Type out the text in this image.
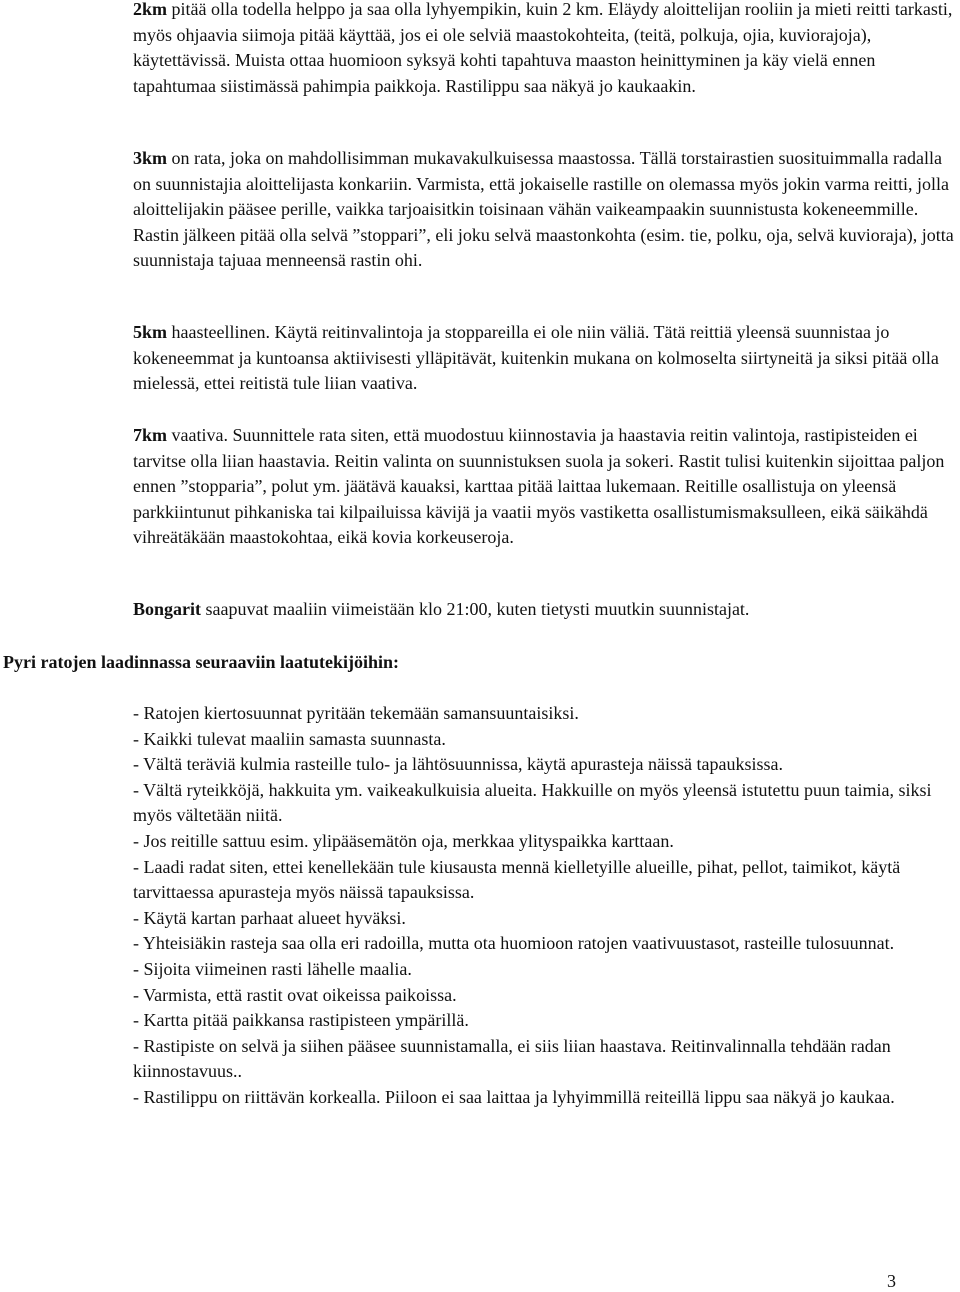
2km pitää olla todella helppo ja saa olla lyhyempikin, kuin 2 km. Eläydy aloittelijan rooliin ja mieti reitti tarkasti, myös ohjaavia siimoja pitää käyttää, jos ei ole selviä maastokohteita, (teitä, polkuja, ojia, kuviorajoja), käytettävissä. Muista ottaa huomioon syksyä kohti tapahtuva maaston heinittyminen ja käy vielä ennen tapahtumaa siistimässä pahimpia paikkoja. Rastilippu saa näkyä jo kaukaakin.

3km on rata, joka on mahdollisimman mukavakulkuisessa maastossa. Tällä torstairastien suosituimmalla radalla on suunnistajia aloittelijasta konkariin. Varmista, että jokaiselle rastille on olemassa myös jokin varma reitti, jolla aloittelijakin pääsee perille, vaikka tarjoaisitkin toisinaan vähän vaikeampaakin suunnistusta kokeneemmille. Rastin jälkeen pitää olla selvä ”stoppari”, eli joku selvä maastonkohta (esim. tie, polku, oja, selvä kuvioraja), jotta suunnistaja tajuaa menneensä rastin ohi.

5km haasteellinen. Käytä reitinvalintoja ja stoppareilla ei ole niin väliä. Tätä reittiä yleensä suunnistaa jo kokeneemmat ja kuntoansa aktiivisesti ylläpitävät, kuitenkin mukana on kolmoselta siirtyneitä ja siksi pitää olla mielessä, ettei reitistä tule liian vaativa.

7km vaativa. Suunnittele rata siten, että muodostuu kiinnostavia ja haastavia reitin valintoja, rastipisteiden ei tarvitse olla liian haastavia. Reitin valinta on suunnistuksen suola ja sokeri. Rastit tulisi kuitenkin sijoittaa paljon ennen ”stopparia”, polut ym. jäätävä kauaksi, karttaa pitää laittaa lukemaan. Reitille osallistuja on yleensä parkkiintunut pihkaniska tai kilpailuissa kävijä ja vaatii myös vastiketta osallistumismaksulleen, eikä säikähdä vihreätäkään maastokohtaa, eikä kovia korkeuseroja.

Bongarit saapuvat maaliin viimeistään klo 21:00, kuten tietysti muutkin suunnistajat.

Pyri ratojen laadinnassa seuraaviin laatutekijöihin:
- Ratojen kiertosuunnat pyritään tekemään samansuuntaisiksi.
- Kaikki tulevat maaliin samasta suunnasta.
- Vältä teräviä kulmia rasteille tulo- ja lähtösuunnissa, käytä apurasteja näissä tapauksissa.
- Vältä ryteikköjä, hakkuita ym. vaikeakulkuisia alueita. Hakkuille on myös yleensä istutettu puun taimia, siksi myös vältetään niitä.
- Jos reitille sattuu esim. ylipääsemätön oja, merkkaa ylityspaikka karttaan.
- Laadi radat siten, ettei kenellekään tule kiusausta mennä kielletyille alueille, pihat, pellot, taimikot, käytä tarvittaessa apurasteja myös näissä tapauksissa.
- Käytä kartan parhaat alueet hyväksi.
- Yhteisiäkin rasteja saa olla eri radoilla, mutta ota huomioon ratojen vaativuustasot, rasteille tulosuunnat.
- Sijoita viimeinen rasti lähelle maalia.
- Varmista, että rastit ovat oikeissa paikoissa.
- Kartta pitää paikkansa rastipisteen ympärillä.
- Rastipiste on selvä ja siihen pääsee suunnistamalla, ei siis liian haastava. Reitinvalinnalla tehdään radan kiinnostavuus..
- Rastilippu on riittävän korkealla. Piiloon ei saa laittaa ja lyhyimmillä reiteillä lippu saa näkyä jo kaukaa.
3
